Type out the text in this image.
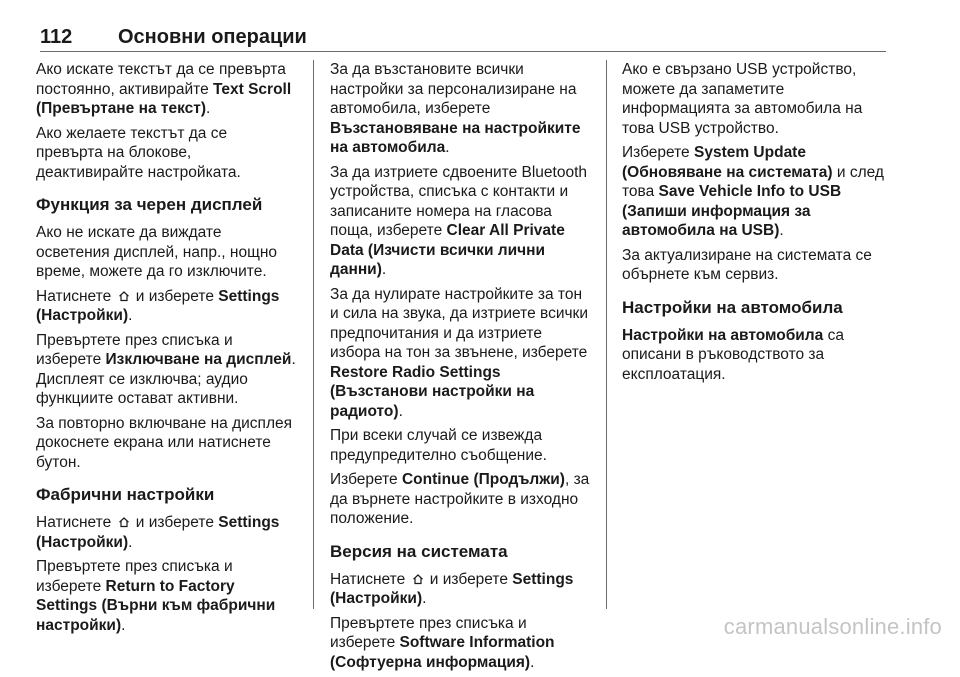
112 Основни операции

Ако искате текстът да се превърта постоянно, активирайте Text Scroll (Превъртане на текст).

Ако желаете текстът да се превърта на блокове, деактивирайте настройката.

Функция за черен дисплей

Ако не искате да виждате осветения дисплей, напр., нощно време, можете да го изключите.

Натиснете
и изберете Settings (Настройки).

Превъртете през списъка и изберете Изключване на дисплей. Дисплеят се изключва; аудио функциите остават активни.

За повторно включване на дисплея докоснете екрана или натиснете бутон.

Фабрични настройки

Натиснете
и изберете Settings (Настройки).

Превъртете през списъка и изберете Return to Factory Settings (Върни към фабрични настройки).

За да възстановите всички настройки за персонализиране на автомобила, изберете Възстановяване на настройките на автомобила.

За да изтриете сдвоените Bluetooth устройства, списъка с контакти и записаните номера на гласова поща, изберете Clear All Private Data (Изчисти всички лични данни).

За да нулирате настройките за тон и сила на звука, да изтриете всички предпочитания и да изтриете избора на тон за звънене, изберете Restore Radio Settings (Възстанови настройки на радиото).

При всеки случай се извежда предупредително съобщение.

Изберете Continue (Продължи), за да върнете настройките в изходно положение.

Версия на системата

Натиснете
и изберете Settings (Настройки).

Превъртете през списъка и изберете Software Information (Софтуерна информация).

Ако е свързано USB устройство, можете да запаметите информацията за автомобила на това USB устройство.

Изберете System Update (Обновяване на системата) и след това Save Vehicle Info to USB (Запиши информация за автомобила на USB).

За актуализиране на системата се обърнете към сервиз.

Настройки на автомобила

Настройки на автомобила са описани в ръководството за експлоатация.

carmanualsonline.info
